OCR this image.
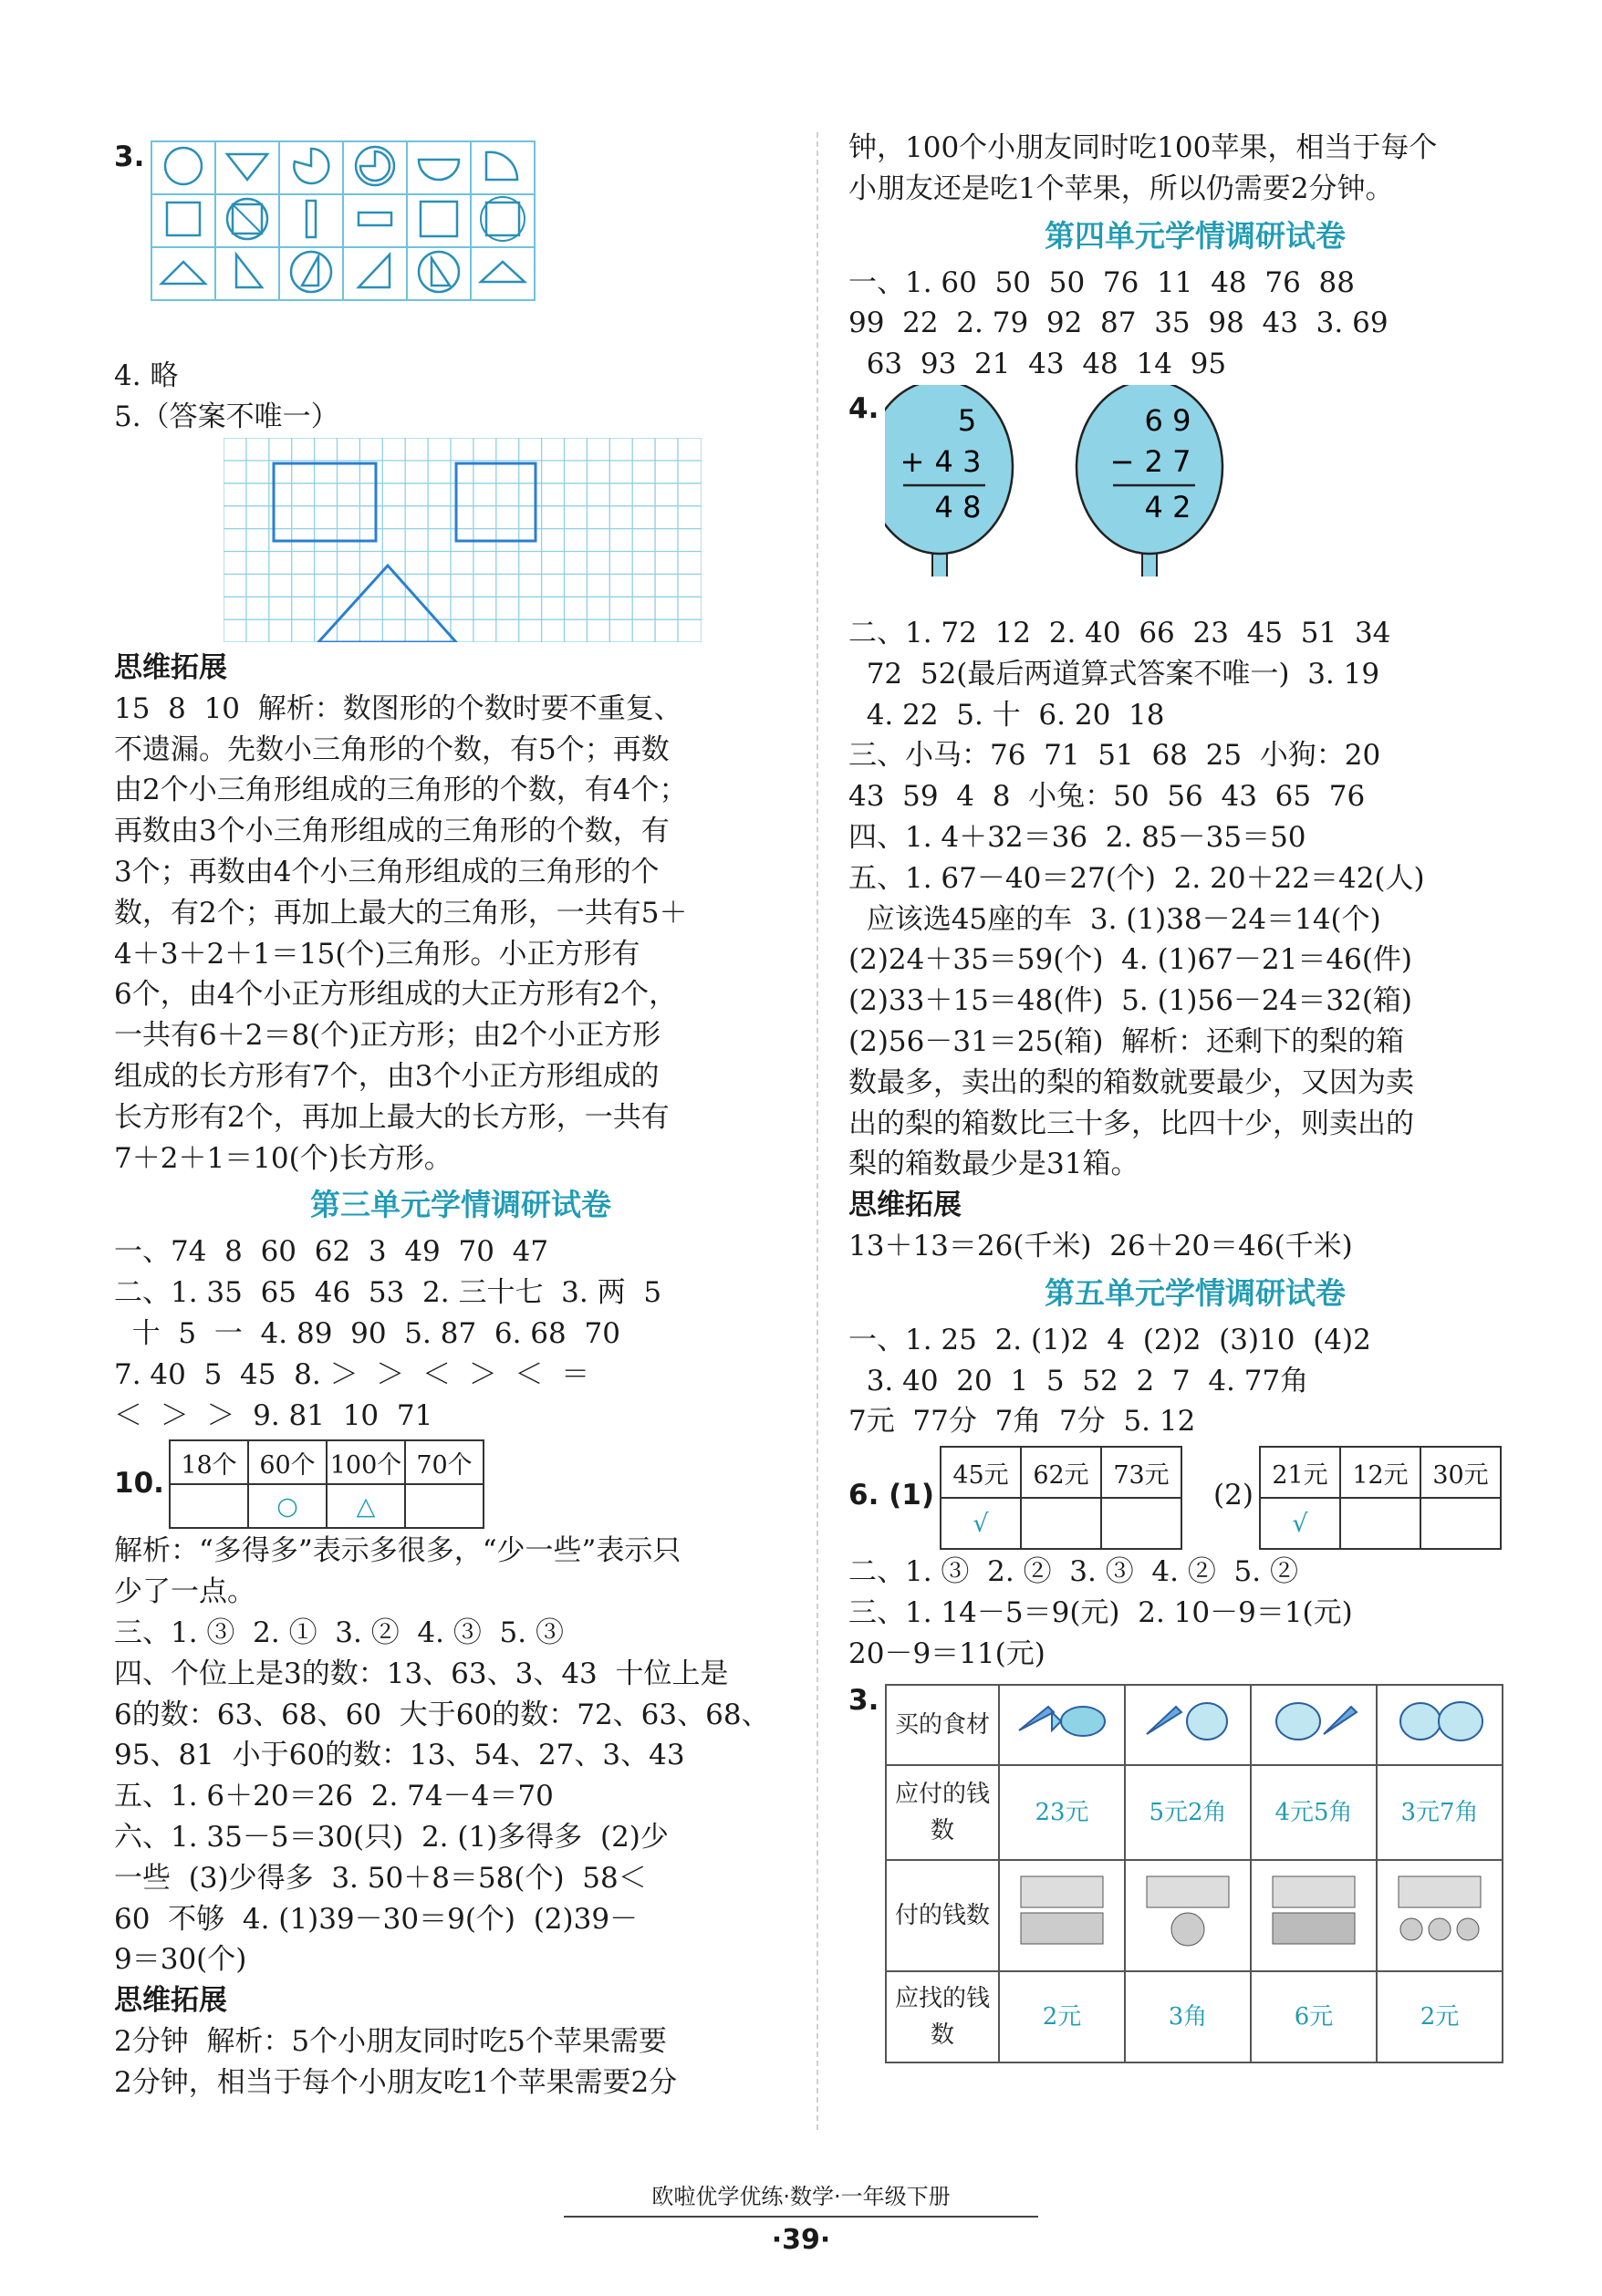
3.

4. 略
5.（答案不唯一）
思维拓展
15  8  10  解析：数图形的个数时要不重复、
不遗漏。先数小三角形的个数，有5个；再数
由2个小三角形组成的三角形的个数，有4个；
再数由3个小三角形组成的三角形的个数，有
3个；再数由4个小三角形组成的三角形的个
数，有2个；再加上最大的三角形，一共有5＋
4＋3＋2＋1＝15(个)三角形。小正方形有
6个，由4个小正方形组成的大正方形有2个，
一共有6＋2＝8(个)正方形；由2个小正方形
组成的长方形有7个，由3个小正方形组成的
长方形有2个，再加上最大的长方形，一共有
7＋2＋1＝10(个)长方形。
第三单元学情调研试卷
一、74  8  60  62  3  49  70  47
二、1. 35  65  46  53  2. 三十七  3. 两  5
十  5  一  4. 89  90  5. 87  6. 68  70
7. 40  5  45  8. ＞  ＞  ＜  ＞  ＜  ＝
＜  ＞  ＞  9. 81  10  71
10.
18个	60个	100个	70个
	○	△	
解析：“多得多”表示多很多，“少一些”表示只
少了一点。
三、1. ③  2. ①  3. ②  4. ③  5. ③
四、个位上是3的数：13、63、3、43  十位上是
6的数：63、68、60  大于60的数：72、63、68、
95、81  小于60的数：13、54、27、3、43
五、1. 6＋20＝26  2. 74－4＝70
六、1. 35－5＝30(只)  2. (1)多得多  (2)少
一些  (3)少得多  3. 50＋8＝58(个)  58＜
60  不够  4. (1)39－30＝9(个)  (2)39－
9＝30(个)
思维拓展
2分钟  解析：5个小朋友同时吃5个苹果需要
2分钟，相当于每个小朋友吃1个苹果需要2分
钟，100个小朋友同时吃100苹果，相当于每个
小朋友还是吃1个苹果，所以仍需要2分钟。
第四单元学情调研试卷
一、1. 60  50  50  76  11  48  76  88
99  22  2. 79  92  87  35  98  43  3. 69
63  93  21  43  48  14  95
4.	5
+ 4 3
4 8
6 9
− 2 7
4 2
二、1. 72  12  2. 40  66  23  45  51  34
72  52(最后两道算式答案不唯一)  3. 19
4. 22  5. 十  6. 20  18
三、小马：76  71  51  68  25  小狗：20
43  59  4  8  小兔：50  56  43  65  76
四、1. 4＋32＝36  2. 85－35＝50
五、1. 67－40＝27(个)  2. 20＋22＝42(人)
应该选45座的车  3. (1)38－24＝14(个)
(2)24＋35＝59(个)  4. (1)67－21＝46(件)
(2)33＋15＝48(件)  5. (1)56－24＝32(箱)
(2)56－31＝25(箱)  解析：还剩下的梨的箱
数最多，卖出的梨的箱数就要最少，又因为卖
出的梨的箱数比三十多，比四十少，则卖出的
梨的箱数最少是31箱。
思维拓展
13＋13＝26(千米)  26＋20＝46(千米)
第五单元学情调研试卷
一、1. 25  2. (1)2  4  (2)2  (3)10  (4)2
3. 40  20  1  5  52  2  7  4. 77角
7元  77分  7角  7分  5. 12
6. (1)
45元	62元	73元
√		
(2)
21元	12元	30元
√		
二、1. ③  2. ②  3. ③  4. ②  5. ②
三、1. 14－5＝9(元)  2. 10－9＝1(元)
20－9＝11(元)
3.
买的食材				
应付的钱数	23元	5元2角	4元5角	3元7角
付的钱数				
应找的钱数	2元	3角	6元	2元
欧啦优学优练·数学·一年级下册
·39·
